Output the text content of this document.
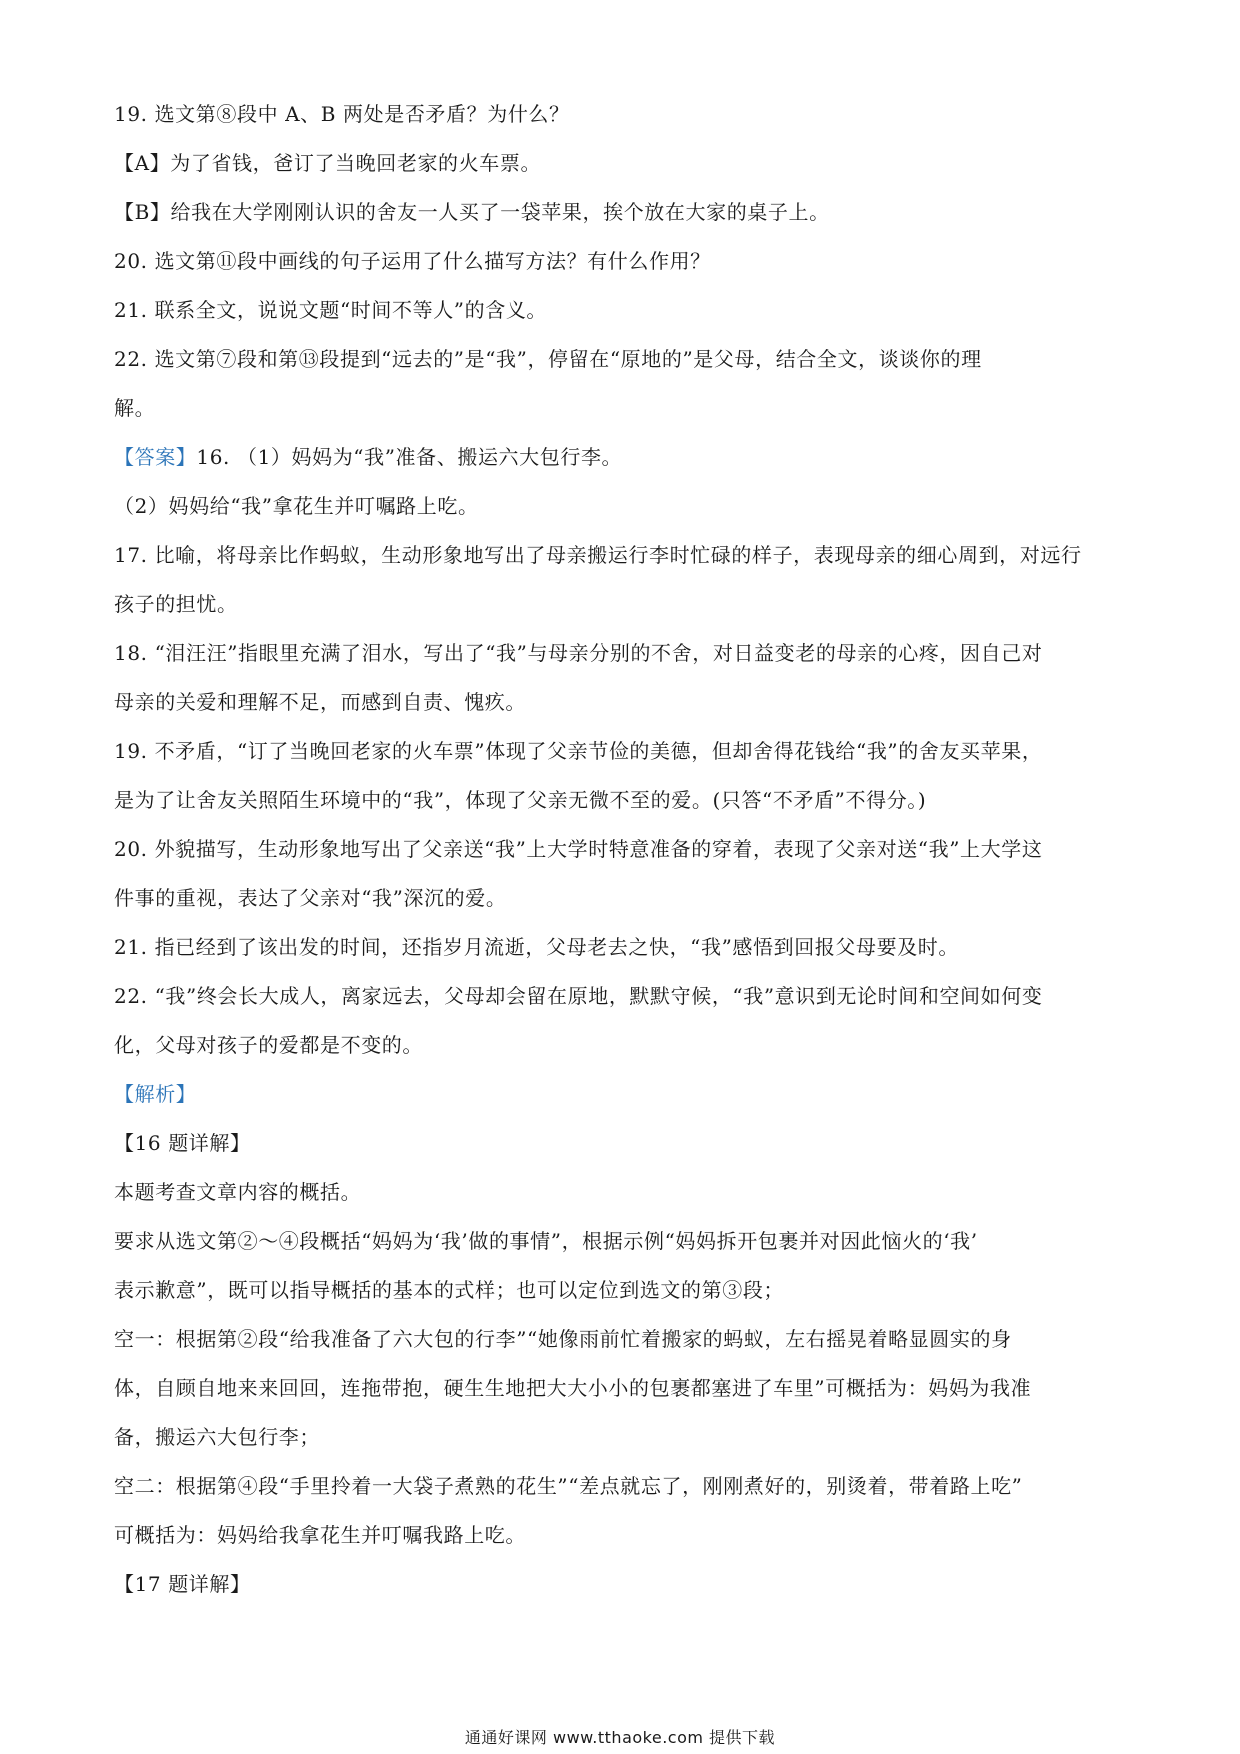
19. 选文第⑧段中 A、B 两处是否矛盾？为什么？
【A】为了省钱，爸订了当晚回老家的火车票。
【B】给我在大学刚刚认识的舍友一人买了一袋苹果，挨个放在大家的桌子上。
20. 选文第⑪段中画线的句子运用了什么描写方法？有什么作用？
21. 联系全文，说说文题“时间不等人”的含义。
22. 选文第⑦段和第⑬段提到“远去的”是“我”，停留在“原地的”是父母，结合全文，谈谈你的理
解。
【答案】16. （1）妈妈为“我”准备、搬运六大包行李。
（2）妈妈给“我”拿花生并叮嘱路上吃。
17. 比喻，将母亲比作蚂蚁，生动形象地写出了母亲搬运行李时忙碌的样子，表现母亲的细心周到，对远行
孩子的担忧。
18. “泪汪汪”指眼里充满了泪水，写出了“我”与母亲分别的不舍，对日益变老的母亲的心疼，因自己对
母亲的关爱和理解不足，而感到自责、愧疚。
19. 不矛盾，“订了当晚回老家的火车票”体现了父亲节俭的美德，但却舍得花钱给“我”的舍友买苹果，
是为了让舍友关照陌生环境中的“我”，体现了父亲无微不至的爱。(只答“不矛盾”不得分。)
20. 外貌描写，生动形象地写出了父亲送“我”上大学时特意准备的穿着，表现了父亲对送“我”上大学这
件事的重视，表达了父亲对“我”深沉的爱。
21. 指已经到了该出发的时间，还指岁月流逝，父母老去之快，“我”感悟到回报父母要及时。
22. “我”终会长大成人，离家远去，父母却会留在原地，默默守候，“我”意识到无论时间和空间如何变
化，父母对孩子的爱都是不变的。
【解析】
【16 题详解】
本题考查文章内容的概括。
要求从选文第②～④段概括“妈妈为‘我’做的事情”，根据示例“妈妈拆开包裹并对因此恼火的‘我’
表示歉意”，既可以指导概括的基本的式样；也可以定位到选文的第③段；
空一：根据第②段“给我准备了六大包的行李”“她像雨前忙着搬家的蚂蚁，左右摇晃着略显圆实的身
体，自顾自地来来回回，连拖带抱，硬生生地把大大小小的包裹都塞进了车里”可概括为：妈妈为我准
备，搬运六大包行李；
空二：根据第④段“手里拎着一大袋子煮熟的花生”“差点就忘了，刚刚煮好的，别烫着，带着路上吃”
可概括为：妈妈给我拿花生并叮嘱我路上吃。
【17 题详解】
通通好课网 www.tthaoke.com 提供下载
